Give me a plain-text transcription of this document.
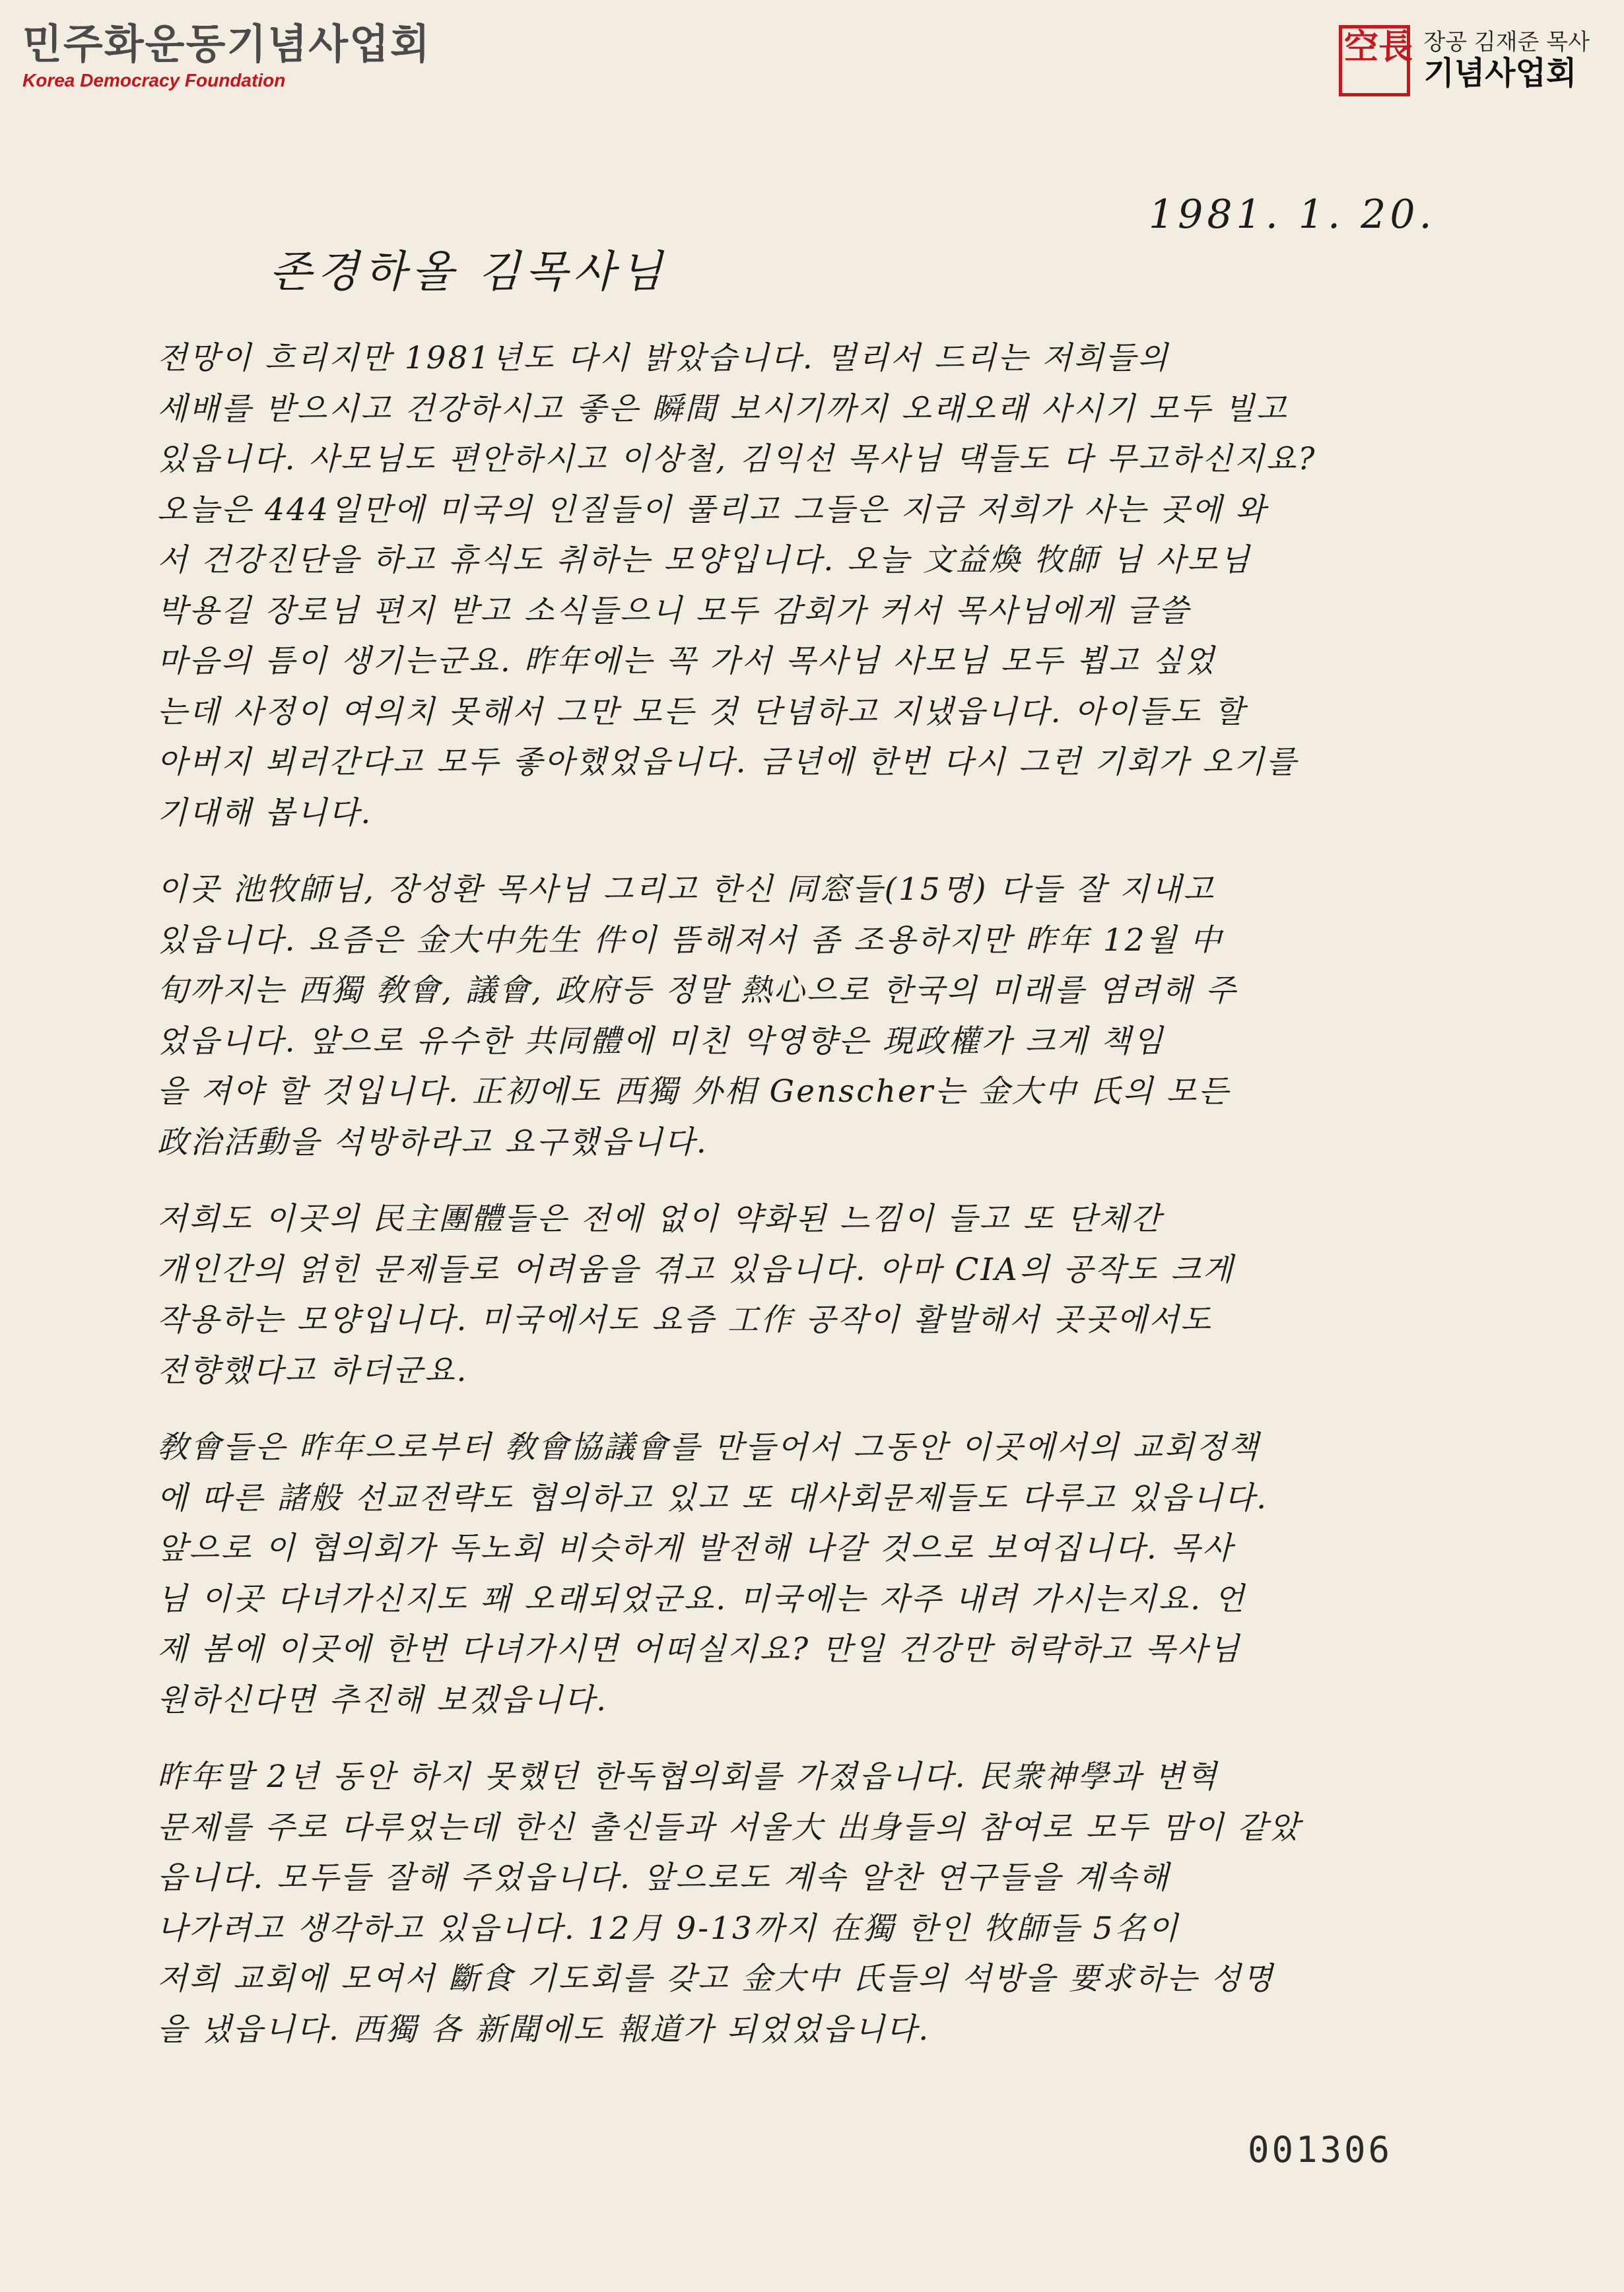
민주화운동기념사업회
Korea Democracy Foundation
長空	장공 김재준 목사
기념사업회
1981. 1. 20.
존경하올 김목사님
전망이 흐리지만 1981년도 다시 밝았습니다. 멀리서 드리는 저희들의
세배를 받으시고 건강하시고 좋은 瞬間 보시기까지 오래오래 사시기 모두 빌고
있읍니다. 사모님도 편안하시고 이상철, 김익선 목사님 댁들도 다 무고하신지요?
오늘은 444일만에 미국의 인질들이 풀리고 그들은 지금 저희가 사는 곳에 와
서 건강진단을 하고 휴식도 취하는 모양입니다. 오늘 文益煥 牧師 님 사모님
박용길 장로님 편지 받고 소식들으니 모두 감회가 커서 목사님에게 글쓸
마음의 틈이 생기는군요. 昨年에는 꼭 가서 목사님 사모님 모두 뵙고 싶었
는데 사정이 여의치 못해서 그만 모든 것 단념하고 지냈읍니다. 아이들도 할
아버지 뵈러간다고 모두 좋아했었읍니다. 금년에 한번 다시 그런 기회가 오기를
기대해 봅니다.
이곳 池牧師님, 장성환 목사님 그리고 한신 同窓들(15명) 다들 잘 지내고
있읍니다. 요즘은 金大中先生 件이 뜸해져서 좀 조용하지만 昨年 12월 中
旬까지는 西獨 敎會, 議會, 政府등 정말 熱心으로 한국의 미래를 염려해 주
었읍니다. 앞으로 유수한 共同體에 미친 악영향은 現政權가 크게 책임
을 져야 할 것입니다. 正初에도 西獨 外相 Genscher는 金大中 氏의 모든
政治活動을 석방하라고 요구했읍니다.
저희도 이곳의 民主團體들은 전에 없이 약화된 느낌이 들고 또 단체간
개인간의 얽힌 문제들로 어려움을 겪고 있읍니다. 아마 CIA의 공작도 크게
작용하는 모양입니다. 미국에서도 요즘 工作 공작이 활발해서 곳곳에서도
전향했다고 하더군요.
敎會들은 昨年으로부터 敎會協議會를 만들어서 그동안 이곳에서의 교회정책
에 따른 諸般 선교전략도 협의하고 있고 또 대사회문제들도 다루고 있읍니다.
앞으로 이 협의회가 독노회 비슷하게 발전해 나갈 것으로 보여집니다. 목사
님 이곳 다녀가신지도 꽤 오래되었군요. 미국에는 자주 내려 가시는지요. 언
제 봄에 이곳에 한번 다녀가시면 어떠실지요? 만일 건강만 허락하고 목사님
원하신다면 추진해 보겠읍니다.
昨年말 2년 동안 하지 못했던 한독협의회를 가졌읍니다. 民衆神學과 변혁
문제를 주로 다루었는데 한신 출신들과 서울大 出身들의 참여로 모두 맘이 같았
읍니다. 모두들 잘해 주었읍니다. 앞으로도 계속 알찬 연구들을 계속해
나가려고 생각하고 있읍니다. 12月 9-13까지 在獨 한인 牧師들 5名이
저희 교회에 모여서 斷食 기도회를 갖고 金大中 氏들의 석방을 要求하는 성명
을 냈읍니다. 西獨 各 新聞에도 報道가 되었었읍니다.
001306
